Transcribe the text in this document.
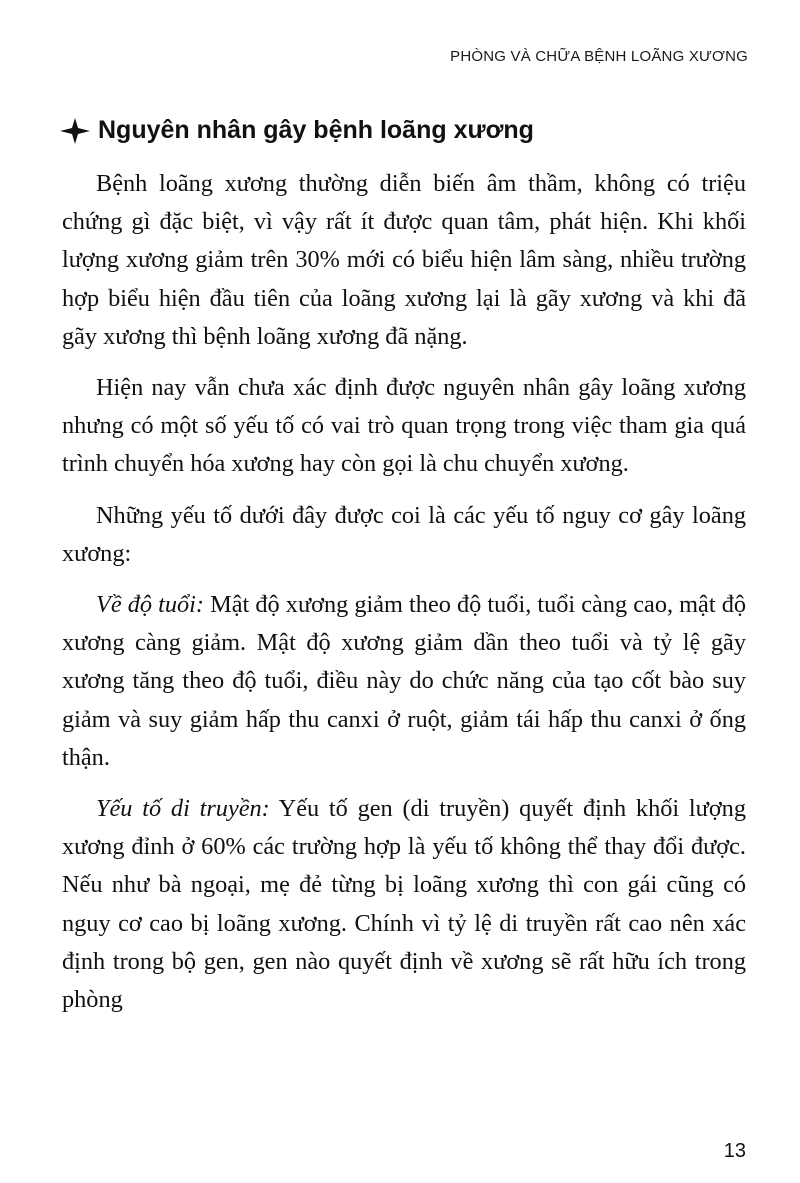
PHÒNG VÀ CHỮA BỆNH LOÃNG XƯƠNG
Nguyên nhân gây bệnh loãng xương

Bệnh loãng xương thường diễn biến âm thầm, không có triệu chứng gì đặc biệt, vì vậy rất ít được quan tâm, phát hiện. Khi khối lượng xương giảm trên 30% mới có biểu hiện lâm sàng, nhiều trường hợp biểu hiện đầu tiên của loãng xương lại là gãy xương và khi đã gãy xương thì bệnh loãng xương đã nặng.

Hiện nay vẫn chưa xác định được nguyên nhân gây loãng xương nhưng có một số yếu tố có vai trò quan trọng trong việc tham gia quá trình chuyển hóa xương hay còn gọi là chu chuyển xương.

Những yếu tố dưới đây được coi là các yếu tố nguy cơ gây loãng xương:

Về độ tuổi: Mật độ xương giảm theo độ tuổi, tuổi càng cao, mật độ xương càng giảm. Mật độ xương giảm dần theo tuổi và tỷ lệ gãy xương tăng theo độ tuổi, điều này do chức năng của tạo cốt bào suy giảm và suy giảm hấp thu canxi ở ruột, giảm tái hấp thu canxi ở ống thận.

Yếu tố di truyền: Yếu tố gen (di truyền) quyết định khối lượng xương đỉnh ở 60% các trường hợp là yếu tố không thể thay đổi được. Nếu như bà ngoại, mẹ đẻ từng bị loãng xương thì con gái cũng có nguy cơ cao bị loãng xương. Chính vì tỷ lệ di truyền rất cao nên xác định trong bộ gen, gen nào quyết định về xương sẽ rất hữu ích trong phòng

13
